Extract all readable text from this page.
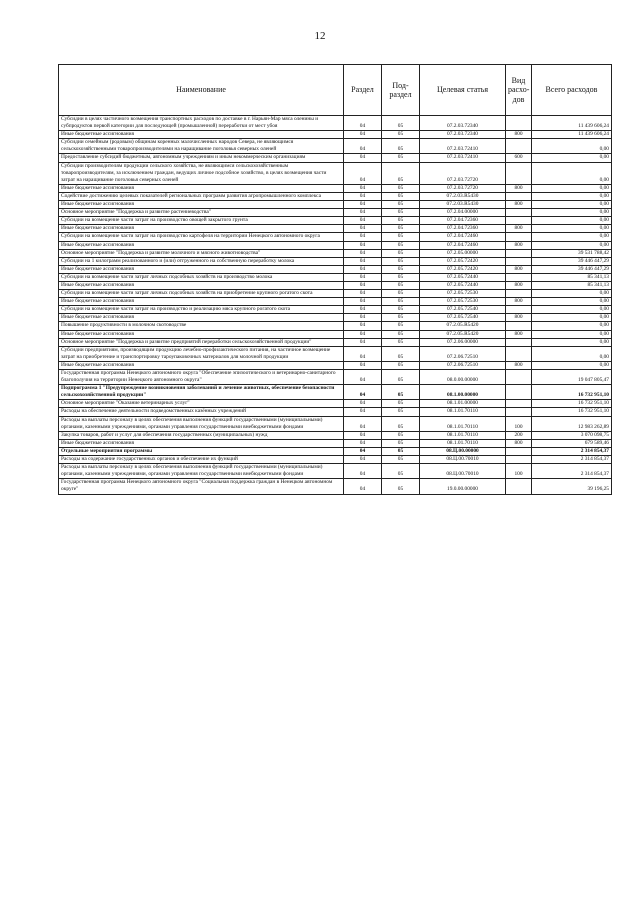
12
Наименование	Раздел	Под-раздел	Целевая статья	Вид расхо-дов	Всего расходов
Субсидии в целях частичного возмещения транспортных расходов по доставке в г. Нарьян-Мар мяса оленины и субпродуктов первой категории для последующей (промышленной) переработки от мест убоя	04	05	07.2.03.72340		11 439 606,24
Иные бюджетные ассигнования	04	05	07.2.03.72340	800	11 439 606,24
Субсидии семейным (родовым) общинам коренных малочисленных народов Севера, не являющимся сельскохозяйственными товаропроизводителями на наращивание поголовья северных оленей	04	05	07.2.03.72410		0,00
Предоставление субсидий бюджетным, автономным учреждениям и иным некоммерческим организациям	04	05	07.2.03.72410	600	0,00
Субсидии производителям продукции сельского хозяйства, не являющимся сельскохозяйственным товаропроизводителям, за исключением граждан, ведущих личное подсобное хозяйство, в целях возмещения части затрат на наращивание поголовья северных оленей	04	05	07.2.03.72720		0,00
Иные бюджетные ассигнования	04	05	07.2.03.72720	800	0,00
Содействие достижению целевых показателей региональных программ развития агропромышленного комплекса	04	05	07.2.03.R5430		0,00
Иные бюджетные ассигнования	04	05	07.2.03.R5430	800	0,00
Основное мероприятие "Поддержка и развитие растениеводства"	04	05	07.2.04.00000		0,00
Субсидии на возмещение части затрат на производство овощей закрытого грунта	04	05	07.2.04.72360		0,00
Иные бюджетные ассигнования	04	05	07.2.04.72360	800	0,00
Субсидии на возмещение части затрат на производство картофеля на территории Ненецкого автономного округа	04	05	07.2.04.72460		0,00
Иные бюджетные ассигнования	04	05	07.2.04.72460	800	0,00
Основное мероприятие "Поддержка и развитие молочного и мясного животноводства"	04	05	07.2.05.00000		39 531 788,42
Субсидии на 1 килограмм реализованного и (или) отгруженного на собственную переработку молока	04	05	07.2.05.72420		39 446 447,29
Иные бюджетные ассигнования	04	05	07.2.05.72420	800	39 446 447,29
Субсидии на возмещение части затрат личных подсобных хозяйств на производство молока	04	05	07.2.05.72440		85 341,13
Иные бюджетные ассигнования	04	05	07.2.05.72440	800	85 341,13
Субсидии на возмещение части затрат личных подсобных хозяйств на приобретение крупного рогатого скота	04	05	07.2.05.72530		0,00
Иные бюджетные ассигнования	04	05	07.2.05.72530	800	0,00
Субсидии на возмещение части затрат на производство и реализацию мяса крупного рогатого скота	04	05	07.2.05.72540		0,00
Иные бюджетные ассигнования	04	05	07.2.05.72540	800	0,00
Повышение продуктивности в молочном скотоводстве	04	05	07.2.05.R5420		0,00
Иные бюджетные ассигнования	04	05	07.2.05.R5420	800	0,00
Основное мероприятие "Поддержка и развитие предприятий переработки сельскохозяйственной продукции"	04	05	07.2.06.00000		0,00
Субсидии предприятиям, производящим продукцию лечебно-профилактического питания, на частичное возмещение затрат на приобретение и транспортировку тароупаковочных материалов для молочной продукции	04	05	07.2.06.72510		0,00
Иные бюджетные ассигнования	04	05	07.2.06.72510	800	0,00
Государственная программа Ненецкого автономного округа "Обеспечение эпизоотического и ветеринарно-санитарного благополучия на территории Ненецкого автономного округа"	04	05	08.0.00.00000		19 047 805,47
Подпрограмма 1 "Предупреждение возникновения заболеваний и лечение животных, обеспечение безопасности сельскохозяйственной продукции"	04	05	08.1.00.00000		16 732 951,10
Основное мероприятие "Оказание ветеринарных услуг"	04	05	08.1.01.00000		16 732 951,10
Расходы на обеспечение деятельности подведомственных казённых учреждений	04	05	08.1.01.70110		16 732 951,10
Расходы на выплаты персоналу в целях обеспечения выполнения функций государственными (муниципальными) органами, казенными учреждениями, органами управления государственными внебюджетными фондами	04	05	08.1.01.70110	100	12 983 262,89
Закупка товаров, работ и услуг для обеспечения государственных (муниципальных) нужд	04	05	08.1.01.70110	200	3 070 098,75
Иные бюджетные ассигнования	04	05	08.1.01.70110	800	679 589,46
Отдельные мероприятия программы	04	05	08.Ц.00.00000		2 314 854,37
Расходы на содержание государственных органов и обеспечение их функций	04	05	08.Ц.00.70010		2 314 854,37
Расходы на выплаты персоналу в целях обеспечения выполнения функций государственными (муниципальными) органами, казенными учреждениями, органами управления государственными внебюджетными фондами	04	05	08.Ц.00.70010	100	2 314 854,37
Государственная программа Ненецкого автономного округа "Социальная поддержка граждан в Ненецком автономном округе"	04	05	19.0.00.00000		39 196,25
